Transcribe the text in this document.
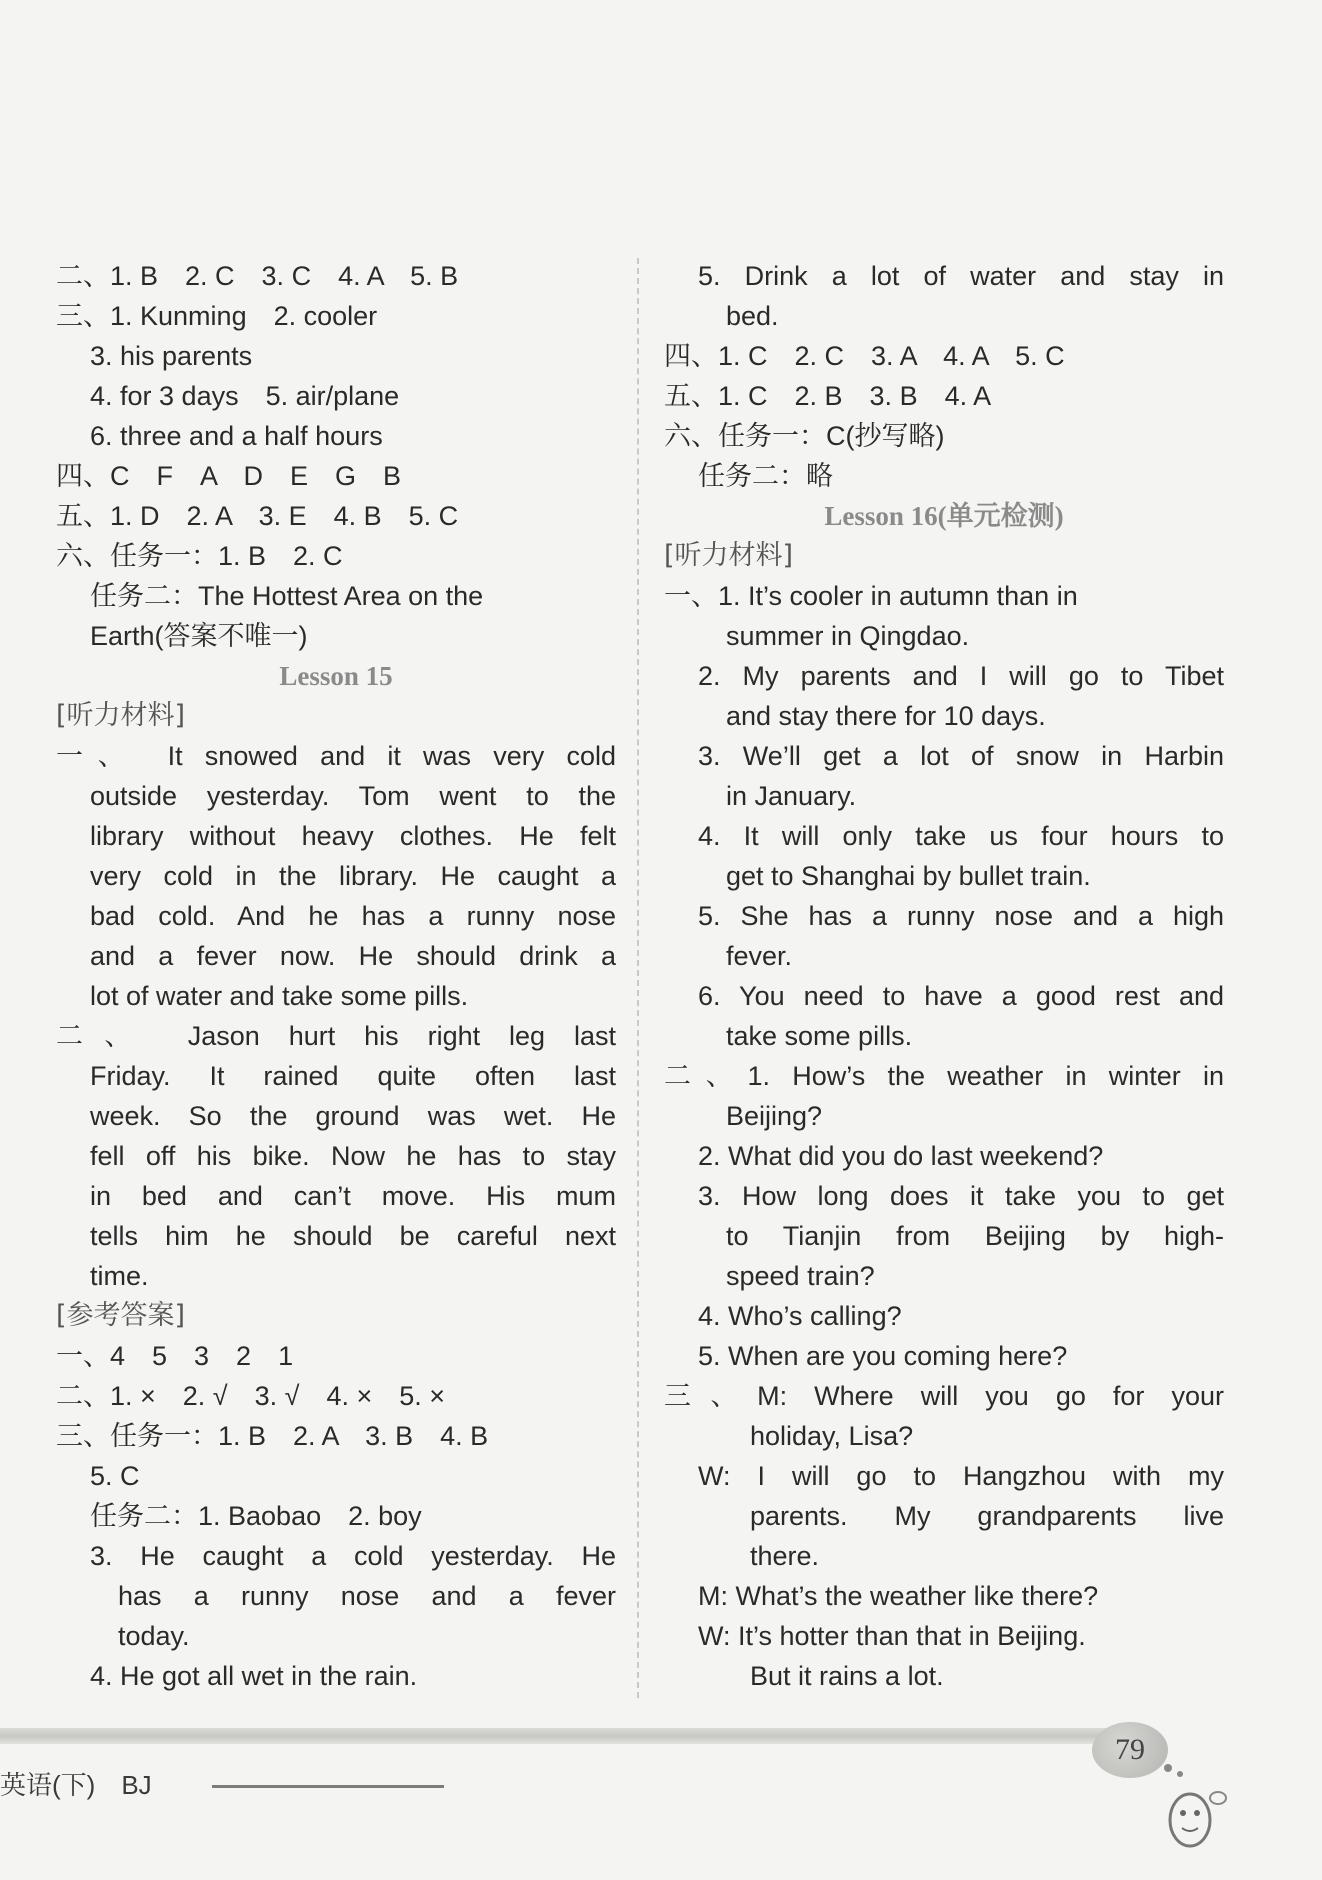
二、1. B　2. C　3. C　4. A　5. B
三、1. Kunming　2. cooler
3. his parents
4. for 3 days　5. air/plane
6. three and a half hours
四、C　F　A　D　E　G　B
五、1. D　2. A　3. E　4. B　5. C
六、任务一：1. B　2. C
任务二：The Hottest Area on the
Earth(答案不唯一)
Lesson 15
[听力材料]
一、　It snowed and it was very cold
outside yesterday. Tom went to the
library without heavy clothes. He felt
very cold in the library. He caught a
bad cold. And he has a runny nose
and a fever now. He should drink a
lot of water and take some pills.
二、　Jason hurt his right leg last
Friday. It rained quite often last
week. So the ground was wet. He
fell off his bike. Now he has to stay
in bed and can’t move. His mum
tells him he should be careful next
time.
[参考答案]
一、4　5　3　2　1
二、1. ×　2. √　3. √　4. ×　5. ×
三、任务一：1. B　2. A　3. B　4. B
5. C
任务二：1. Baobao　2. boy
3. He caught a cold yesterday. He
has a runny nose and a fever
today.
4. He got all wet in the rain.
5. Drink a lot of water and stay in
bed.
四、1. C　2. C　3. A　4. A　5. C
五、1. C　2. B　3. B　4. A
六、任务一：C(抄写略)
任务二：略
Lesson 16(单元检测)
[听力材料]
一、1. It’s cooler in autumn than in
summer in Qingdao.
2. My parents and I will go to Tibet
and stay there for 10 days.
3. We’ll get a lot of snow in Harbin
in January.
4. It will only take us four hours to
get to Shanghai by bullet train.
5. She has a runny nose and a high
fever.
6. You need to have a good rest and
take some pills.
二、1. How’s the weather in winter in
Beijing?
2. What did you do last weekend?
3. How long does it take you to get
to Tianjin from Beijing by high-
speed train?
4. Who’s calling?
5. When are you coming here?
三、M: Where will you go for your
holiday, Lisa?
W: I will go to Hangzhou with my
parents. My grandparents live
there.
M: What’s the weather like there?
W: It’s hotter than that in Beijing.
But it rains a lot.
英语(下)　BJ
79
